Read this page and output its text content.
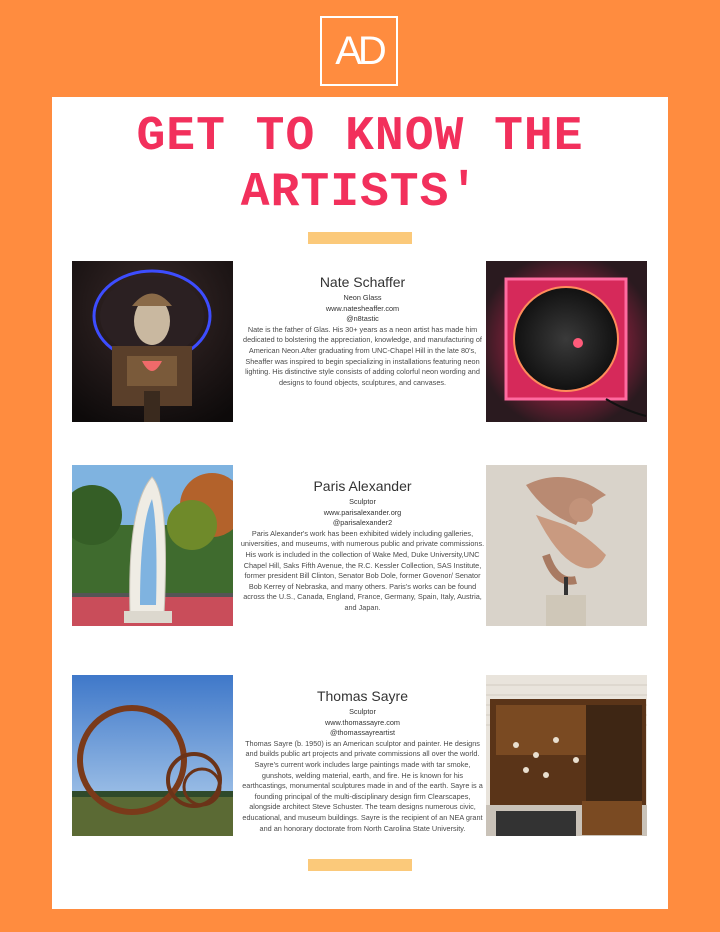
AD
GET TO KNOW THE
ARTISTS'
Nate Schaffer
Neon Glass
www.natesheaffer.com
@n8tastic
Nate is the father of Glas. His 30+ years as a neon artist has made him dedicated to bolstering the appreciation, knowledge, and manufacturing of American Neon.After graduating from UNC-Chapel Hill in the late 80's, Sheaffer was inspired to begin specializing in installations featuring neon lighting. His distinctive style consists of adding colorful neon wording and designs to found objects, sculptures, and canvases.
Paris Alexander
Sculptor
www.parisalexander.org
@parisalexander2
Paris Alexander's work has been exhibited widely including galleries, universities, and museums, with numerous public and private commissions. His work is included in the collection of Wake Med, Duke University,UNC Chapel Hill, Saks Fifth Avenue, the R.C. Kessler Collection, SAS Institute, former president Bill Clinton, Senator Bob Dole, former Govenor/ Senator Bob Kerrey of Nebraska, and many others. Paris's works can be found across the U.S., Canada, England, France, Germany, Spain, Italy, Austria, and Japan.
Thomas Sayre
Sculptor
www.thomassayre.com
@thomassayreartist
Thomas Sayre (b. 1950) is an American sculptor and painter. He designs and builds public art projects and private commissions all over the world. Sayre's current work includes large paintings made with tar smoke, gunshots, welding material, earth, and fire. He is known for his earthcastings, monumental sculptures made in and of the earth. Sayre is a founding principal of the multi-disciplinary design firm Clearscapes, alongside architect Steve Schuster. The team designs numerous civic, educational, and museum buildings. Sayre is the recipient of an NEA grant and an honorary doctorate from North Carolina State University.
